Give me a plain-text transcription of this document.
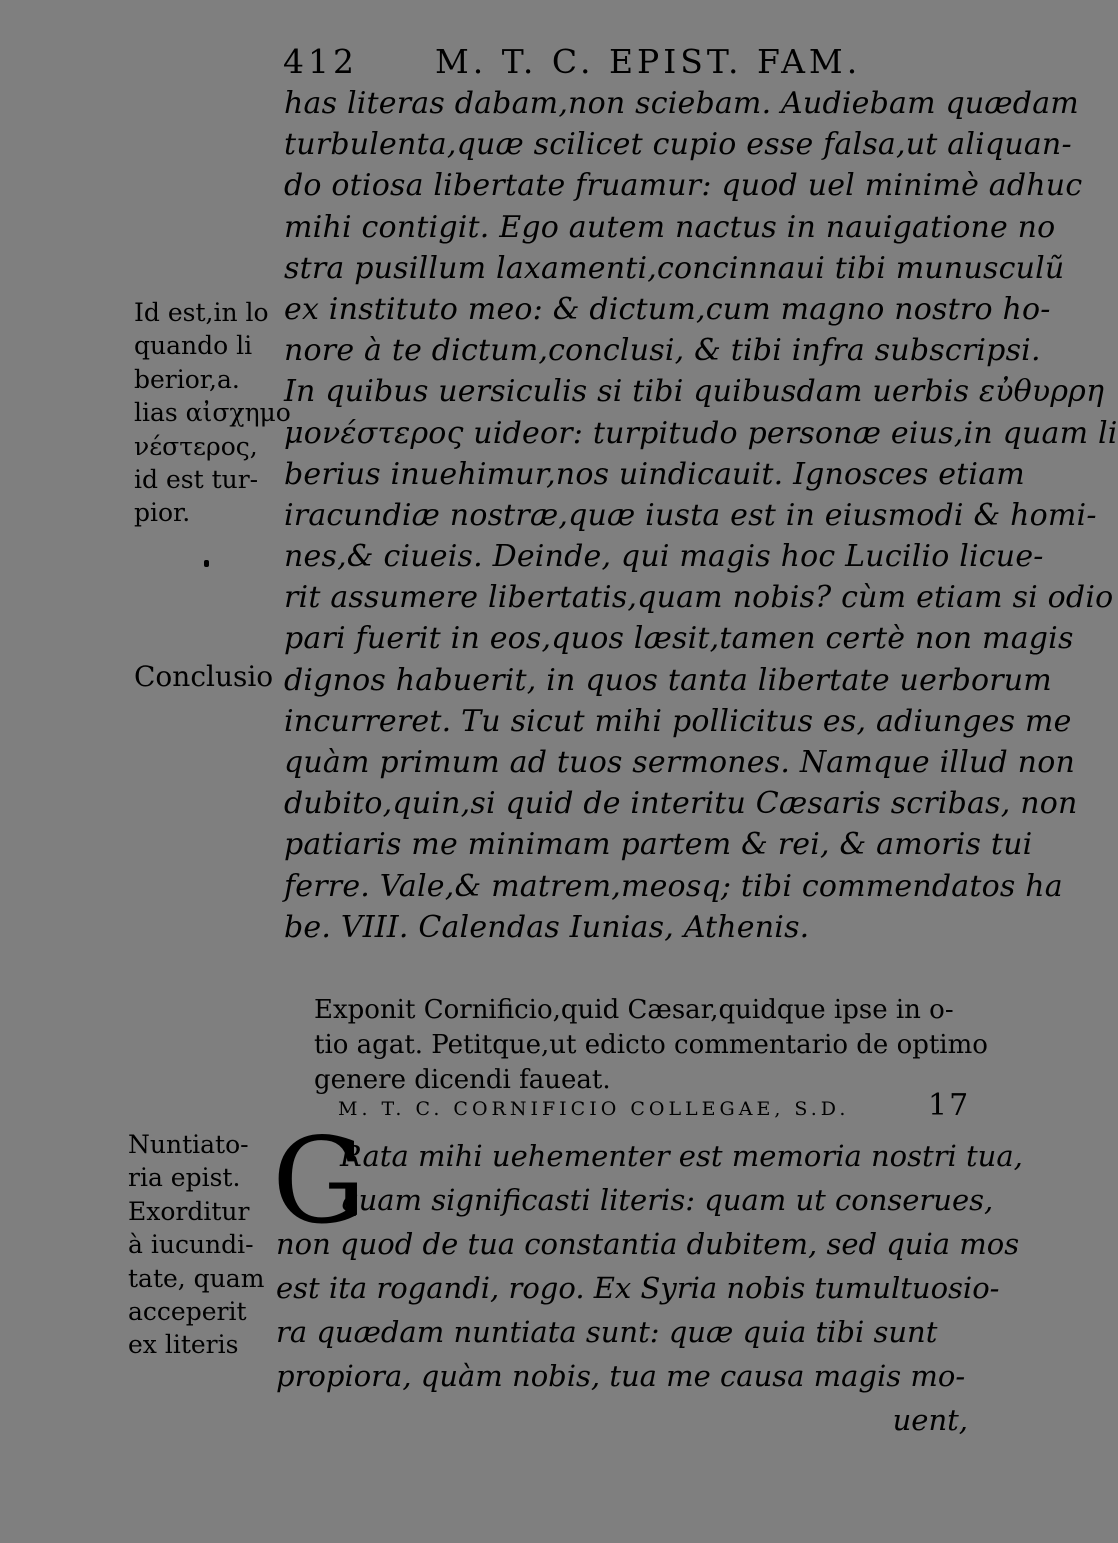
412 M. T. C. EPIST. FAM.
has literas dabam,non sciebam. Audiebam quædam
turbulenta,quæ scilicet cupio esse falsa,ut aliquan-
do otiosa libertate fruamur: quod uel minimè adhuc
mihi contigit. Ego autem nactus in nauigatione no
stra pusillum laxamenti,concinnaui tibi munusculũ
ex instituto meo: & dictum,cum magno nostro ho-
nore à te dictum,conclusi, & tibi infra subscripsi.
In quibus uersiculis si tibi quibusdam uerbis εὐθυρρη
μονέστερος uideor: turpitudo personæ eius,in quam li
berius inuehimur,nos uindicauit. Ignosces etiam
iracundiæ nostræ,quæ iusta est in eiusmodi & homi-
nes,& ciueis. Deinde, qui magis hoc Lucilio licue-
rit assumere libertatis,quam nobis? cùm etiam si odio
pari fuerit in eos,quos læsit,tamen certè non magis
dignos habuerit, in quos tanta libertate uerborum
incurreret. Tu sicut mihi pollicitus es, adiunges me
quàm primum ad tuos sermones. Namque illud non
dubito,quin,si quid de interitu Cæsaris scribas, non
patiaris me minimam partem & rei, & amoris tui
ferre. Vale,& matrem,meosq; tibi commendatos ha
be. VIII. Calendas Iunias, Athenis.
Id est,in lo
quando li
berior,a.
lias αἰσχημο
νέστερος,
id est tur-
pior.
Conclusio
Exponit Cornificio,quid Cæsar,quidque ipse in o-
tio agat. Petitque,ut edicto commentario de optimo
genere dicendi faueat.
M. T. C. CORNIFICIO COLLEGAE, S.D.	17
G
Rata mihi uehementer est memoria nostri tua,
quam significasti literis: quam ut conserues,
non quod de tua constantia dubitem, sed quia mos
est ita rogandi, rogo. Ex Syria nobis tumultuosio-
ra quædam nuntiata sunt: quæ quia tibi sunt
propiora, quàm nobis, tua me causa magis mo-
uent,
Nuntiato-
ria epist.
Exorditur
à iucundi-
tate, quam
acceperit
ex literis
